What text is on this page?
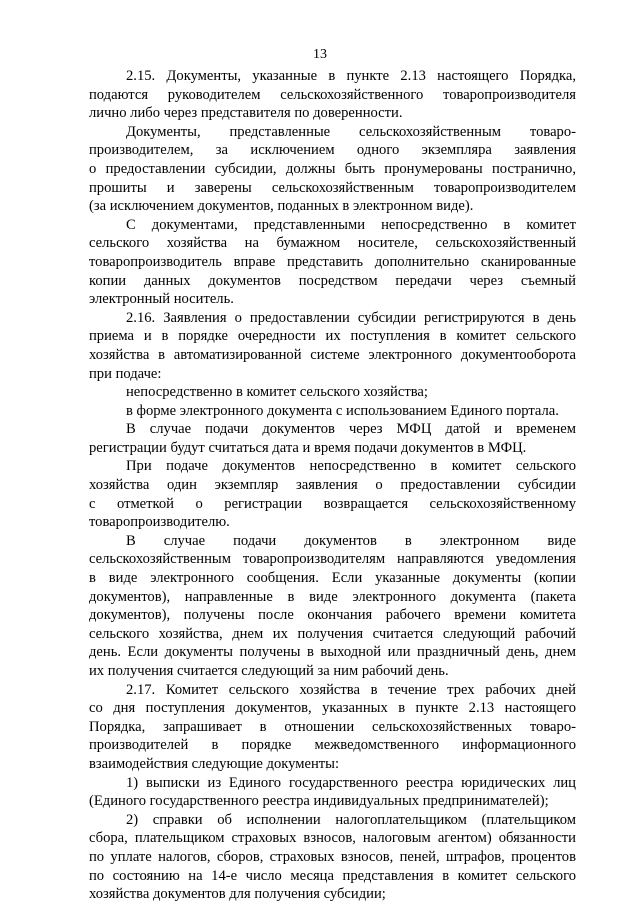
13

2.15. Документы, указанные в пункте 2.13 настоящего Порядка,
подаются руководителем сельскохозяйственного товаропроизводителя
лично либо через представителя по доверенности.

Документы, представленные сельскохозяйственным товаро-
производителем, за исключением одного экземпляра заявления
о предоставлении субсидии, должны быть пронумерованы постранично,
прошиты и заверены сельскохозяйственным товаропроизводителем
(за исключением документов, поданных в электронном виде).

С документами, представленными непосредственно в комитет
сельского хозяйства на бумажном носителе, сельскохозяйственный
товаропроизводитель вправе представить дополнительно сканированные
копии данных документов посредством передачи через съемный
электронный носитель.

2.16. Заявления о предоставлении субсидии регистрируются в день
приема и в порядке очередности их поступления в комитет сельского
хозяйства в автоматизированной системе электронного документооборота
при подаче:

непосредственно в комитет сельского хозяйства;

в форме электронного документа с использованием Единого портала.

В случае подачи документов через МФЦ датой и временем
регистрации будут считаться дата и время подачи документов в МФЦ.

При подаче документов непосредственно в комитет сельского
хозяйства один экземпляр заявления о предоставлении субсидии
с отметкой о регистрации возвращается сельскохозяйственному
товаропроизводителю.

В случае подачи документов в электронном виде
сельскохозяйственным товаропроизводителям направляются уведомления
в виде электронного сообщения. Если указанные документы (копии
документов), направленные в виде электронного документа (пакета
документов), получены после окончания рабочего времени комитета
сельского хозяйства, днем их получения считается следующий рабочий
день. Если документы получены в выходной или праздничный день, днем
их получения считается следующий за ним рабочий день.

2.17. Комитет сельского хозяйства в течение трех рабочих дней
со дня поступления документов, указанных в пункте 2.13 настоящего
Порядка, запрашивает в отношении сельскохозяйственных товаро-
производителей в порядке межведомственного информационного
взаимодействия следующие документы:

1) выписки из Единого государственного реестра юридических лиц
(Единого государственного реестра индивидуальных предпринимателей);

2) справки об исполнении налогоплательщиком (плательщиком
сбора, плательщиком страховых взносов, налоговым агентом) обязанности
по уплате налогов, сборов, страховых взносов, пеней, штрафов, процентов
по состоянию на 14-е число месяца представления в комитет сельского
хозяйства документов для получения субсидии;
